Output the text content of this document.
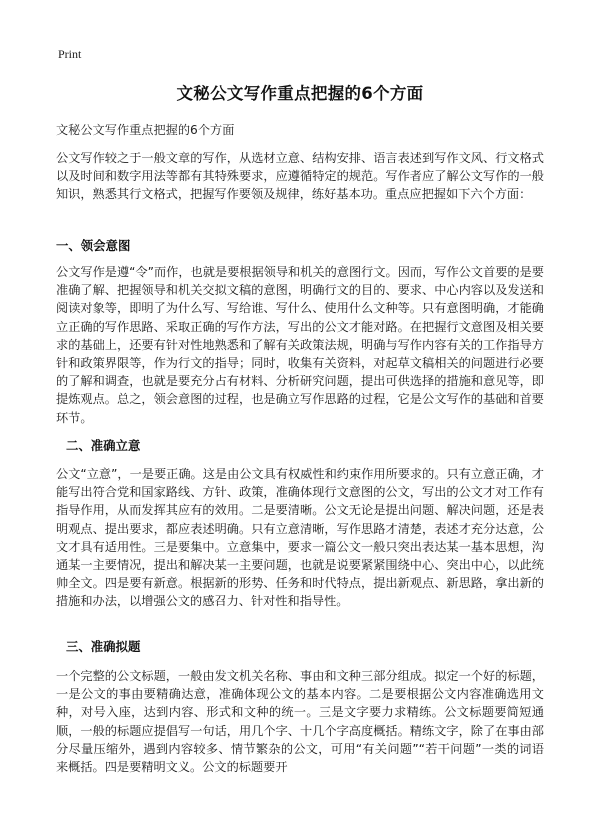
Print
文秘公文写作重点把握的6个方面
文秘公文写作重点把握的6个方面

公文写作较之于一般文章的写作，从选材立意、结构安排、语言表述到写作文风、行文格式以及时间和数字用法等都有其特殊要求，应遵循特定的规范。写作者应了解公文写作的一般知识，熟悉其行文格式，把握写作要领及规律，练好基本功。重点应把握如下六个方面：

一、领会意图

公文写作是遵“令”而作，也就是要根据领导和机关的意图行文。因而，写作公文首要的是要准确了解、把握领导和机关交拟文稿的意图，明确行文的目的、要求、中心内容以及发送和阅读对象等，即明了为什么写、写给谁、写什么、使用什么文种等。只有意图明确，才能确立正确的写作思路、采取正确的写作方法，写出的公文才能对路。在把握行文意图及相关要求的基础上，还要有针对性地熟悉和了解有关政策法规，明确与写作内容有关的工作指导方针和政策界限等，作为行文的指导；同时，收集有关资料，对起草文稿相关的问题进行必要的了解和调查，也就是要充分占有材料、分析研究问题，提出可供选择的措施和意见等，即提炼观点。总之，领会意图的过程，也是确立写作思路的过程，它是公文写作的基础和首要环节。

二、准确立意

公文“立意”，一是要正确。这是由公文具有权威性和约束作用所要求的。只有立意正确，才能写出符合党和国家路线、方针、政策，准确体现行文意图的公文，写出的公文才对工作有指导作用，从而发挥其应有的效用。二是要清晰。公文无论是提出问题、解决问题，还是表明观点、提出要求，都应表述明确。只有立意清晰，写作思路才清楚，表述才充分达意，公文才具有适用性。三是要集中。立意集中，要求一篇公文一般只突出表达某一基本思想，沟通某一主要情况，提出和解决某一主要问题，也就是说要紧紧围绕中心、突出中心，以此统帅全文。四是要有新意。根据新的形势、任务和时代特点，提出新观点、新思路，拿出新的措施和办法，以增强公文的感召力、针对性和指导性。

三、准确拟题

一个完整的公文标题，一般由发文机关名称、事由和文种三部分组成。拟定一个好的标题，一是公文的事由要精确达意，准确体现公文的基本内容。二是要根据公文内容准确选用文种，对号入座，达到内容、形式和文种的统一。三是文字要力求精练。公文标题要简短通顺，一般的标题应提倡写一句话，用几个字、十几个字高度概括。精练文字，除了在事由部分尽量压缩外，遇到内容较多、情节繁杂的公文，可用“有关问题”“若干问题”一类的词语来概括。四是要精明文义。公文的标题要开
